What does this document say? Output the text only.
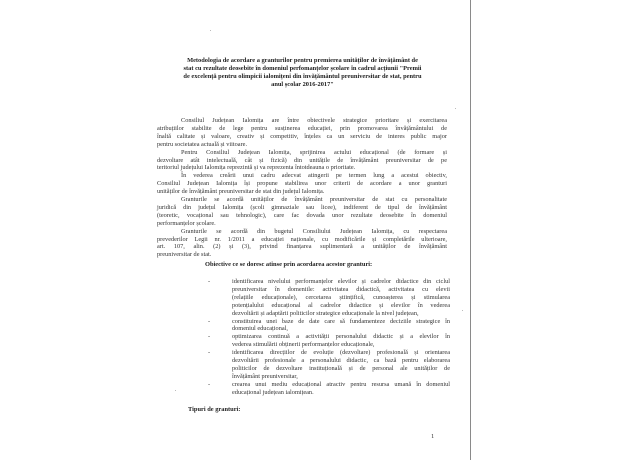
Metodologia de acordare a granturilor pentru premierea unităților de învățământ de
stat cu rezultate deosebite în domeniul perfomanțelor școlare în cadrul acțiunii "Premii
de excelență pentru olimpicii ialomițeni din învățământul preuniversitar de stat, pentru
anul școlar 2016-2017"
Consiliul Județean Ialomița are între obiectivele strategice prioritare și exercitarea
atribuțiilor stabilite de lege pentru susținerea educației, prin promovarea învățământului de
înaltă calitate și valoare, creativ și competitiv, înțeles ca un serviciu de interes public major
pentru societatea actuală și viitoare.
Pentru Consiliul Județean Ialomița, sprijinirea actului educațional (de formare și
dezvoltare atât intelectuală, cât și fizică) din unitățile de învățământ preuniversitar de pe
teritoriul județului Ialomița reprezintă și va reprezenta întotdeauna o prioritate.
În vederea creării unui cadru adecvat atingerii pe termen lung a acestui obiectiv,
Consiliul Județean Ialomița își propune stabilirea unor criterii de acordare a unor granturi
unităților de învățământ preuniversitar de stat din județul Ialomița.
Granturile se acordă unităților de învățământ preuniversitar de stat cu personalitate
juridică din județul Ialomița (școli gimnaziale sau licee), indiferent de tipul de învățământ
(teoretic, vocațional sau tehnologic), care fac dovada unor rezultate deosebite în domeniul
performanțelor școlare.
Granturile se acordă din bugetul Consiliului Județean Ialomița, cu respectarea
prevederilor Legii nr. 1/2011 a educației naționale, cu modificările și completările ulterioare,
art. 107, alin. (2) și (3), privind finanțarea suplimentară a unităților de învățământ
preuniversitar de stat.
Obiective ce se doresc atinse prin acordarea acestor granturi:
-	identificarea nivelului performanțelor elevilor și cadrelor didactice din ciclul
preuniversitar în domeniile: activitatea didactică, activitatea cu elevii
(relațiile educaționale), cercetarea științifică, cunoașterea și stimularea
potențialului educațional al cadrelor didactice și elevilor în vederea
dezvoltării și adaptării politicilor strategice educaționale la nivel județean,
-	constituirea unei baze de date care să fundamenteze deciziile strategice în
domeniul educațional,
-	optimizarea continuă a activității personalului didactic și a elevilor în
vederea stimulării obținerii performanțelor educaționale,
-	identificarea direcțiilor de evoluție (dezvoltare) profesională și orientarea
dezvoltării profesionale a personalului didactic, ca bază pentru elaborarea
politicilor de dezvoltare instituțională și de personal ale unităților de
învățământ preuniversitar,
-	crearea unui mediu educațional atractiv pentru resursa umană în domeniul
educațional județean ialomițean.
Tipuri de granturi:
1
